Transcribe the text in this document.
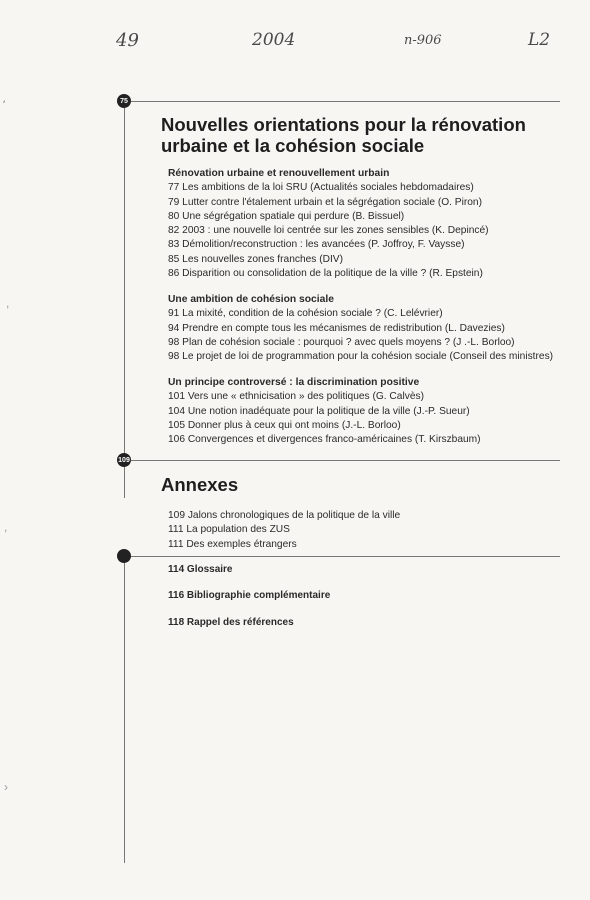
49	2004	n-906	L2
،
,
,
›
75
109
Nouvelles orientations pour la rénovation
urbaine et la cohésion sociale
Rénovation urbaine et renouvellement urbain
77 Les ambitions de la loi SRU (Actualités sociales hebdomadaires)
79 Lutter contre l'étalement urbain et la ségrégation sociale (O. Piron)
80 Une ségrégation spatiale qui perdure (B. Bissuel)
82 2003 : une nouvelle loi centrée sur les zones sensibles (K. Depincé)
83 Démolition/reconstruction : les avancées (P. Joffroy, F. Vaysse)
85 Les nouvelles zones franches (DIV)
86 Disparition ou consolidation de la politique de la ville ? (R. Epstein)
Une ambition de cohésion sociale
91 La mixité, condition de la cohésion sociale ? (C. Lelévrier)
94 Prendre en compte tous les mécanismes de redistribution (L. Davezies)
98 Plan de cohésion sociale : pourquoi ? avec quels moyens ? (J .-L. Borloo)
98 Le projet de loi de programmation pour la cohésion sociale (Conseil des ministres)
Un principe controversé : la discrimination positive
101 Vers une « ethnicisation » des politiques (G. Calvès)
104 Une notion inadéquate pour la politique de la ville (J.-P. Sueur)
105 Donner plus à ceux qui ont moins (J.-L. Borloo)
106 Convergences et divergences franco-américaines (T. Kirszbaum)
Annexes
109 Jalons chronologiques de la politique de la ville
111 La population des ZUS
111 Des exemples étrangers
114 Glossaire
116 Bibliographie complémentaire
118 Rappel des références
